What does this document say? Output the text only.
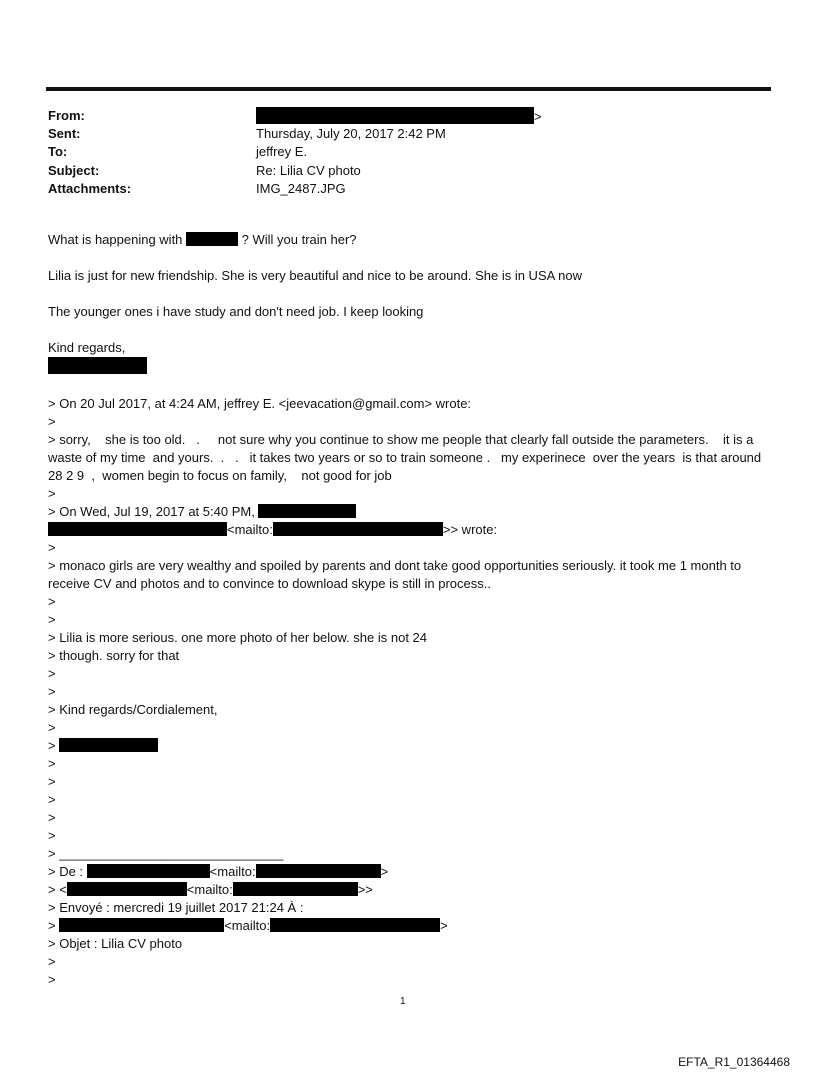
From:	>
Sent:	Thursday, July 20, 2017 2:42 PM
To:	jeffrey E.
Subject:	Re: Lilia CV photo
Attachments:	IMG_2487.JPG
What is happening with	? Will you train her?
Lilia is just for new friendship. She is very beautiful and nice to be around. She is in USA now
The younger ones i have study and don't need job. I keep looking
Kind regards,
> On 20 Jul 2017, at 4:24 AM, jeffrey E. <jeevacation@gmail.com> wrote:
>
> sorry,    she is too old.   .     not sure why you continue to show me people that clearly fall outside the parameters.    it is a waste of my time  and yours.  .   .   it takes two years or so to train someone .   my experinece  over the years  is that around 28 2 9  ,  women begin to focus on family,    not good for job
>
> On Wed, Jul 19, 2017 at 5:40 PM,
<mailto:	>> wrote:
>
> monaco girls are very wealthy and spoiled by parents and dont take good opportunities seriously. it took me 1 month to receive CV and photos and to convince to download skype is still in process..
>
>
> Lilia is more serious. one more photo of her below. she is not 24
> though. sorry for that
>
>
> Kind regards/Cordialement,
>
>
>
>
>
>
>
> _______________________________
> De :	<mailto:	>
> <	<mailto:	>>
> Envoyé : mercredi 19 juillet 2017 21:24 À :
>	<mailto:	>
> Objet : Lilia CV photo
>
>
1
EFTA_R1_01364468
